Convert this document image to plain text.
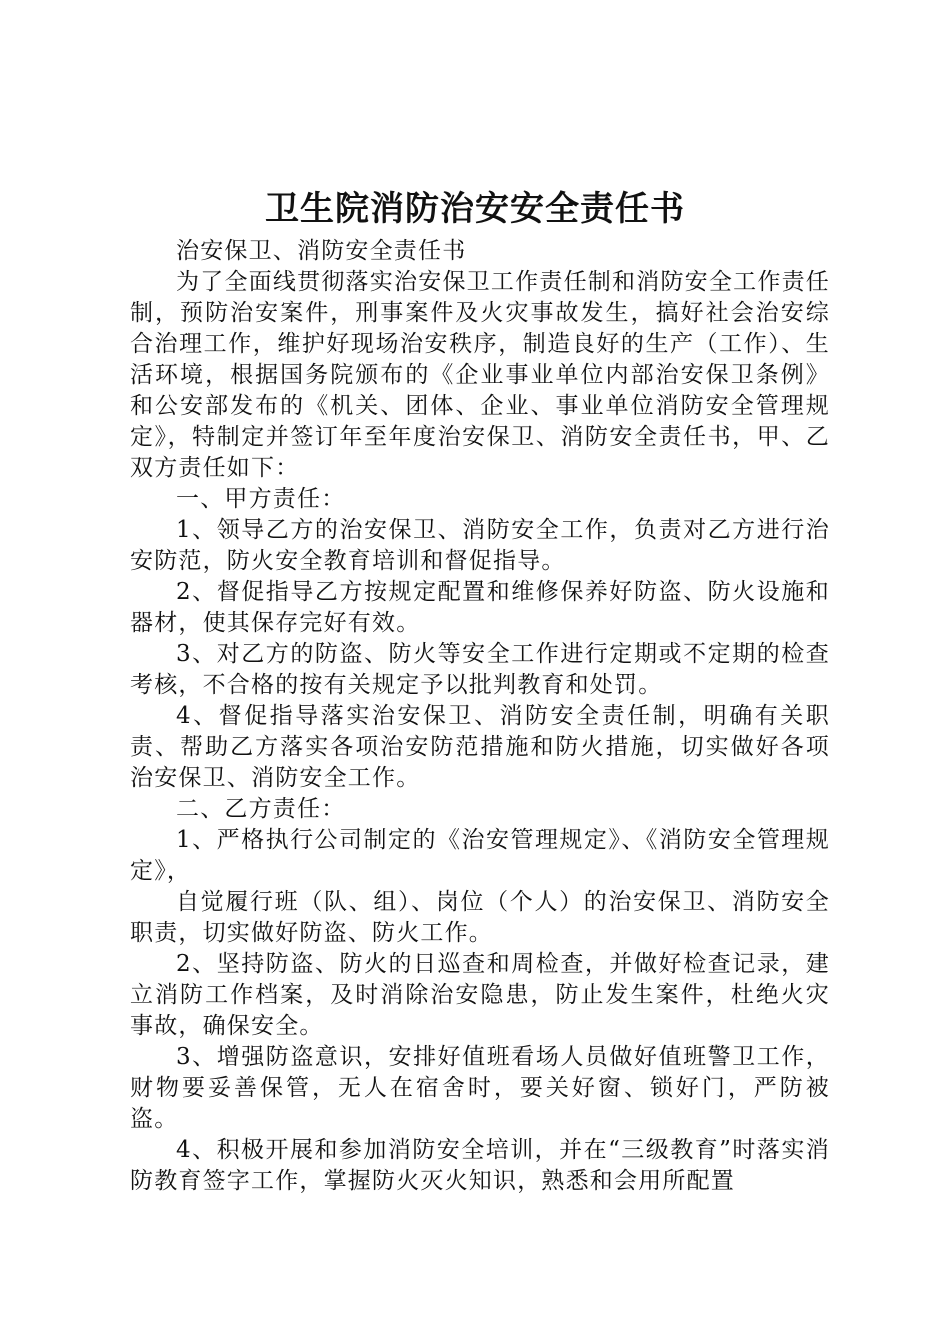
卫生院消防治安安全责任书

治安保卫、消防安全责任书

为了全面线贯彻落实治安保卫工作责任制和消防安全工作责任制，预防治安案件，刑事案件及火灾事故发生，搞好社会治安综合治理工作，维护好现场治安秩序，制造良好的生产（工作）、生活环境，根据国务院颁布的《企业事业单位内部治安保卫条例》和公安部发布的《机关、团体、企业、事业单位消防安全管理规定》，特制定并签订年至年度治安保卫、消防安全责任书，甲、乙双方责任如下：

一、甲方责任：

1、领导乙方的治安保卫、消防安全工作，负责对乙方进行治安防范，防火安全教育培训和督促指导。

2、督促指导乙方按规定配置和维修保养好防盗、防火设施和器材，使其保存完好有效。

3、对乙方的防盗、防火等安全工作进行定期或不定期的检查考核，不合格的按有关规定予以批判教育和处罚。

4、督促指导落实治安保卫、消防安全责任制，明确有关职责、帮助乙方落实各项治安防范措施和防火措施，切实做好各项治安保卫、消防安全工作。

二、乙方责任：

1、严格执行公司制定的《治安管理规定》、《消防安全管理规定》，

自觉履行班（队、组）、岗位（个人）的治安保卫、消防安全职责，切实做好防盗、防火工作。

2、坚持防盗、防火的日巡查和周检查，并做好检查记录，建立消防工作档案，及时消除治安隐患，防止发生案件，杜绝火灾事故，确保安全。

3、增强防盗意识，安排好值班看场人员做好值班警卫工作，财物要妥善保管，无人在宿舍时，要关好窗、锁好门，严防被盗。

4、积极开展和参加消防安全培训，并在“三级教育”时落实消防教育签字工作，掌握防火灭火知识，熟悉和会用所配置
